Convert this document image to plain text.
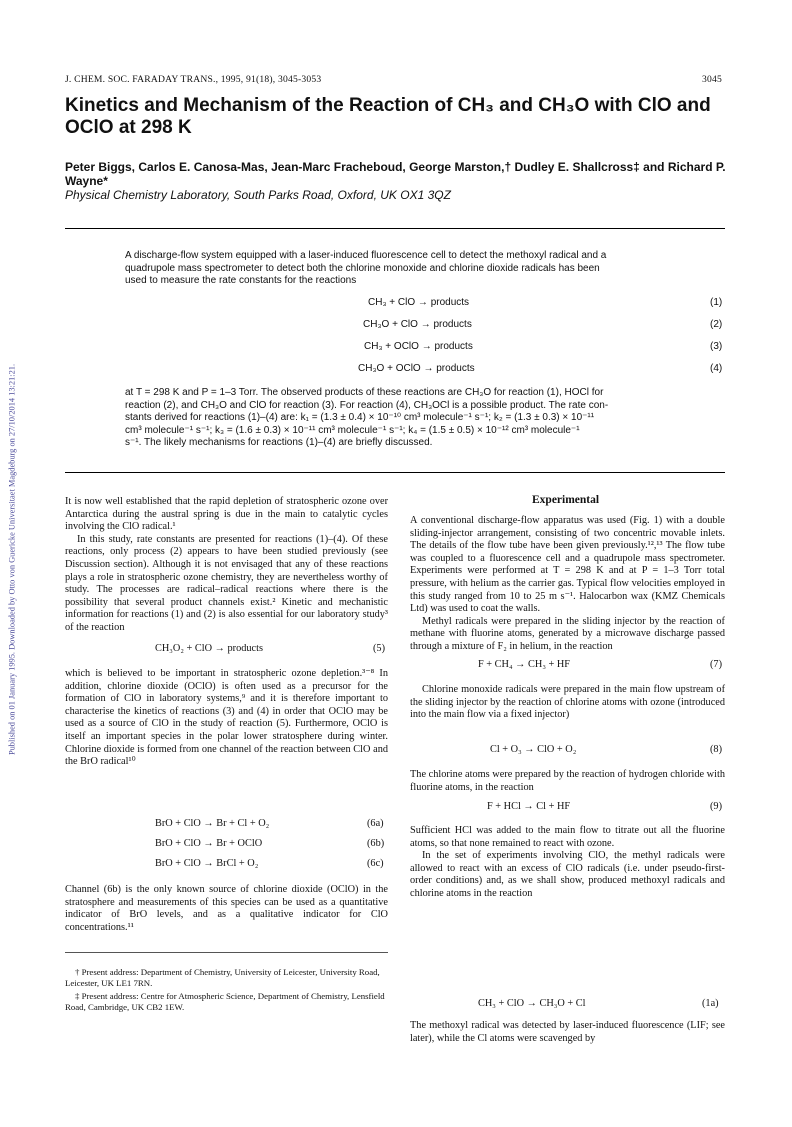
Published on 01 January 1995. Downloaded by Otto von Guericke Universitaet Magdeburg on 27/10/2014 13:21:21.
J. CHEM. SOC. FARADAY TRANS., 1995, 91(18), 3045-3053	3045
Kinetics and Mechanism of the Reaction of CH₃ and CH₃O with ClO and OClO at 298 K
Peter Biggs, Carlos E. Canosa-Mas, Jean-Marc Fracheboud, George Marston,† Dudley E. Shallcross‡ and Richard P. Wayne*
Physical Chemistry Laboratory, South Parks Road, Oxford, UK OX1 3QZ
A discharge-flow system equipped with a laser-induced fluorescence cell to detect the methoxyl radical and a
quadrupole mass spectrometer to detect both the chlorine monoxide and chlorine dioxide radicals has been
used to measure the rate constants for the reactions
CH₃ + ClO → products	(1)
CH₃O + ClO → products	(2)
CH₃ + OClO → products	(3)
CH₃O + OClO → products	(4)
at T = 298 K and P = 1–3 Torr. The observed products of these reactions are CH₃O for reaction (1), HOCl for
reaction (2), and CH₃O and ClO for reaction (3). For reaction (4), CH₃OCl is a possible product. The rate con-
stants derived for reactions (1)–(4) are: k₁ = (1.3 ± 0.4) × 10⁻¹⁰ cm³ molecule⁻¹ s⁻¹; k₂ = (1.3 ± 0.3) × 10⁻¹¹
cm³ molecule⁻¹ s⁻¹; k₃ = (1.6 ± 0.3) × 10⁻¹¹ cm³ molecule⁻¹ s⁻¹; k₄ = (1.5 ± 0.5) × 10⁻¹² cm³ molecule⁻¹
s⁻¹. The likely mechanisms for reactions (1)–(4) are briefly discussed.

It is now well established that the rapid depletion of stratospheric ozone over Antarctica during the austral spring is due in the main to catalytic cycles involving the ClO radical.¹

In this study, rate constants are presented for reactions (1)–(4). Of these reactions, only process (2) appears to have been studied previously (see Discussion section). Although it is not envisaged that any of these reactions plays a role in stratospheric ozone chemistry, they are nevertheless worthy of study. The processes are radical–radical reactions where there is the possibility that several product channels exist.² Kinetic and mechanistic information for reactions (1) and (2) is also essential for our laboratory study³ of the reaction

CH₃O₂ + ClO → products	(5)

which is believed to be important in stratospheric ozone depletion.³⁻⁸ In addition, chlorine dioxide (OClO) is often used as a precursor for the formation of ClO in laboratory systems,⁹ and it is therefore important to characterise the kinetics of reactions (3) and (4) in order that OClO may be used as a source of ClO in the study of reaction (5). Furthermore, OClO is itself an important species in the polar lower stratosphere during winter. Chlorine dioxide is formed from one channel of the reaction between ClO and the BrO radical¹⁰

BrO + ClO → Br + Cl + O₂	(6a)
BrO + ClO → Br + OClO	(6b)
BrO + ClO → BrCl + O₂	(6c)

Channel (6b) is the only known source of chlorine dioxide (OClO) in the stratosphere and measurements of this species can be used as a quantitative indicator of BrO levels, and as a qualitative indicator for ClO concentrations.¹¹

† Present address: Department of Chemistry, University of Leicester, University Road, Leicester, UK LE1 7RN.
‡ Present address: Centre for Atmospheric Science, Department of Chemistry, Lensfield Road, Cambridge, UK CB2 1EW.
Experimental

A conventional discharge-flow apparatus was used (Fig. 1) with a double sliding-injector arrangement, consisting of two concentric movable inlets. The details of the flow tube have been given previously.¹²,¹³ The flow tube was coupled to a fluorescence cell and a quadrupole mass spectrometer. Experiments were performed at T = 298 K and at P = 1–3 Torr total pressure, with helium as the carrier gas. Typical flow velocities employed in this study ranged from 10 to 25 m s⁻¹. Halocarbon wax (KMZ Chemicals Ltd) was used to coat the walls.

Methyl radicals were prepared in the sliding injector by the reaction of methane with fluorine atoms, generated by a microwave discharge passed through a mixture of F₂ in helium, in the reaction

F + CH₄ → CH₃ + HF	(7)

Chlorine monoxide radicals were prepared in the main flow upstream of the sliding injector by the reaction of chlorine atoms with ozone (introduced into the main flow via a fixed injector)

Cl + O₃ → ClO + O₂	(8)

The chlorine atoms were prepared by the reaction of hydrogen chloride with fluorine atoms, in the reaction

F + HCl → Cl + HF	(9)

Sufficient HCl was added to the main flow to titrate out all the fluorine atoms, so that none remained to react with ozone.

In the set of experiments involving ClO, the methyl radicals were allowed to react with an excess of ClO radicals (i.e. under pseudo-first-order conditions) and, as we shall show, produced methoxyl radicals and chlorine atoms in the reaction

CH₃ + ClO → CH₃O + Cl	(1a)

The methoxyl radical was detected by laser-induced fluorescence (LIF; see later), while the Cl atoms were scavenged by
